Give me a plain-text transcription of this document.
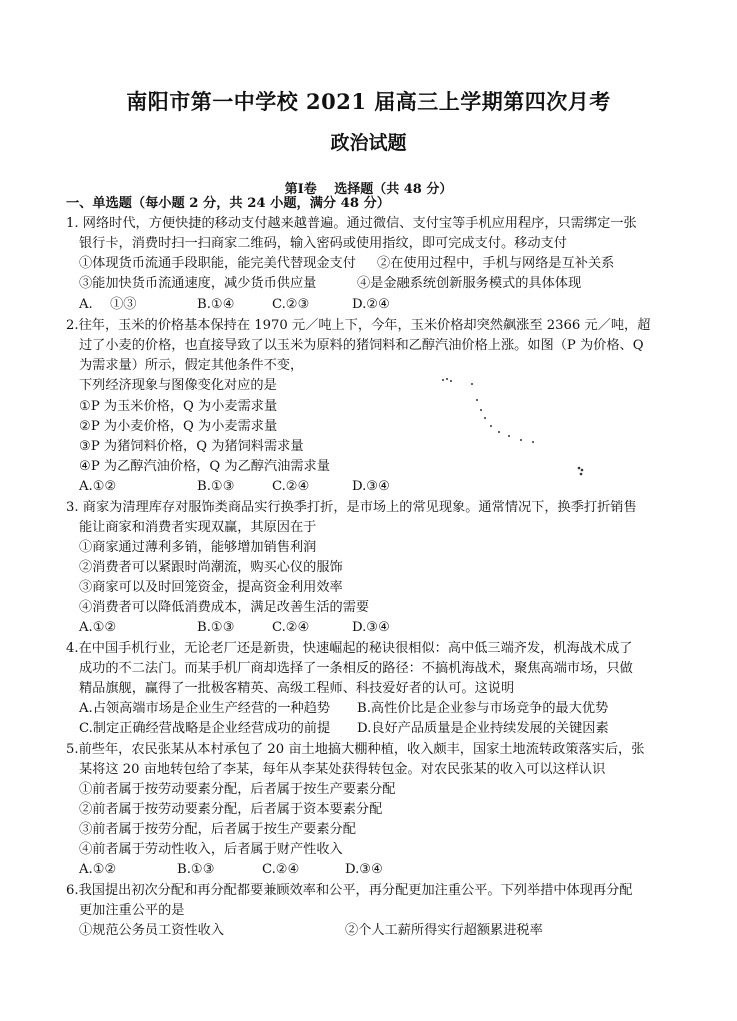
南阳市第一中学校 2021 届高三上学期第四次月考
政治试题
第Ⅰ卷　 选择题（共 48 分）
一、单选题（每小题 2 分，共 24 小题，满分 48 分）
1. 网络时代，方便快捷的移动支付越来越普遍。通过微信、支付宝等手机应用程序，只需绑定一张
银行卡，消费时扫一扫商家二维码，输入密码或使用指纹，即可完成支付。移动支付
①体现货币流通手段职能，能完美代替现金支付 ②在使用过程中，手机与网络是互补关系
③能加快货币流通速度，减少货币供应量	④是金融系统创新服务模式的具体体现
A.　 ①③	B.①④	C.②③	D.②④
2.往年，玉米的价格基本保持在 1970 元／吨上下，今年，玉米价格却突然飙涨至 2366 元／吨，超
过了小麦的价格，也直接导致了以玉米为原料的猪饲料和乙醇汽油价格上涨。如图（P 为价格、Q
为需求量）所示，假定其他条件不变，
下列经济现象与图像变化对应的是
①P 为玉米价格，Q 为小麦需求量
②P 为小麦价格，Q 为小麦需求量
③P 为猪饲料价格，Q 为猪饲料需求量
④P 为乙醇汽油价格，Q 为乙醇汽油需求量
A.①②	B.①③	C.②④	D.③④
3. 商家为清理库存对服饰类商品实行换季打折，是市场上的常见现象。通常情况下，换季打折销售
能让商家和消费者实现双赢，其原因在于
①商家通过薄利多销，能够增加销售利润
②消费者可以紧跟时尚潮流，购买心仪的服饰
③商家可以及时回笼资金，提高资金利用效率
④消费者可以降低消费成本，满足改善生活的需要
A.①②	B.①③	C.②④	D.③④
4.在中国手机行业，无论老厂还是新贵，快速崛起的秘诀很相似：高中低三端齐发，机海战术成了
成功的不二法门。而某手机厂商却选择了一条相反的路径：不搞机海战术，聚焦高端市场，只做
精品旗舰，赢得了一批极客精英、高级工程师、科技爱好者的认可。这说明
A.占领高端市场是企业生产经营的一种趋势 B.高性价比是企业参与市场竞争的最大优势
C.制定正确经营战略是企业经营成功的前提 D.良好产品质量是企业持续发展的关键因素
5.前些年，农民张某从本村承包了 20 亩土地搞大棚种植，收入颇丰，国家土地流转政策落实后，张
某将这 20 亩地转包给了李某，每年从李某处获得转包金。对农民张某的收入可以这样认识
①前者属于按劳动要素分配，后者属于按生产要素分配
②前者属于按劳动要素分配，后者属于资本要素分配
③前者属于按劳分配，后者属于按生产要素分配
④前者属于劳动性收入，后者属于财产性收入
A.①②	B.①③	C.②④	D.③④
6.我国提出初次分配和再分配都要兼顾效率和公平，再分配更加注重公平。下列举措中体现再分配
更加注重公平的是
①规范公务员工资性收入	②个人工薪所得实行超额累进税率
